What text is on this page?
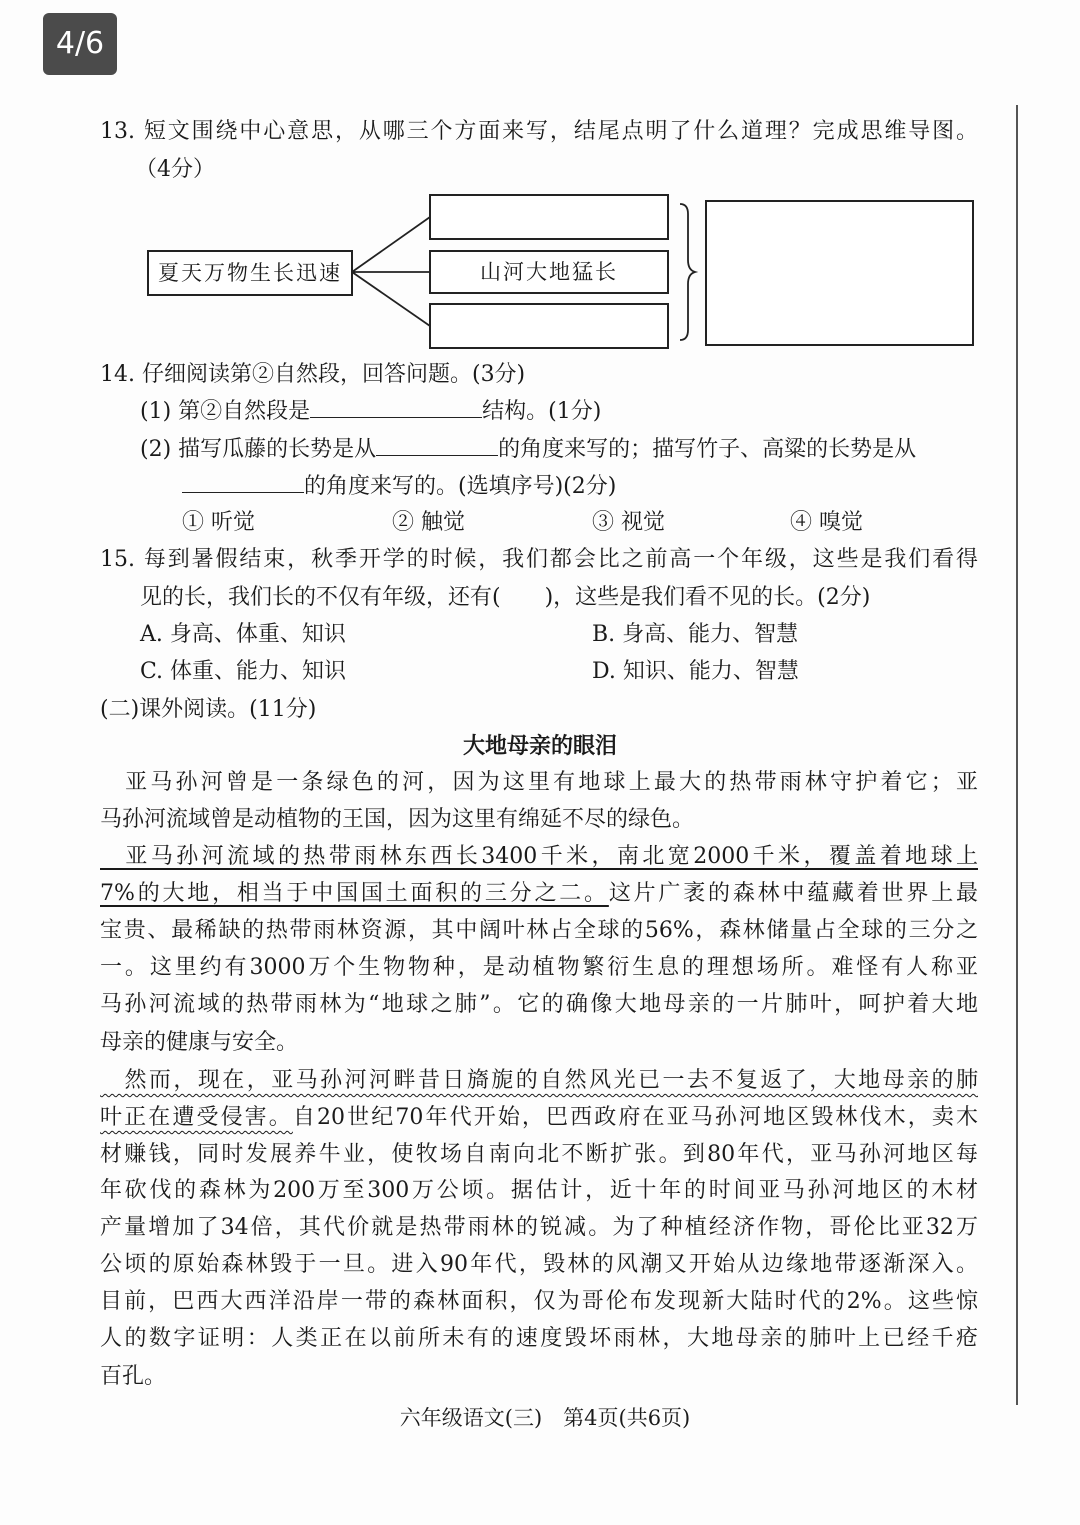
4/6
13. 短文围绕中心意思，从哪三个方面来写，结尾点明了什么道理？完成思维导图。
（4分）
夏天万物生长迅速	山河大地猛长
14. 仔细阅读第②自然段，回答问题。(3分)
(1) 第②自然段是	结构。(1分)
(2) 描写瓜藤的长势是从	的角度来写的；描写竹子、高粱的长势是从
的角度来写的。(选填序号)(2分)
① 听觉	② 触觉	③ 视觉	④ 嗅觉
15. 每到暑假结束，秋季开学的时候，我们都会比之前高一个年级，这些是我们看得
见的长，我们长的不仅有年级，还有(　　)，这些是我们看不见的长。(2分)
A. 身高、体重、知识	B. 身高、能力、智慧
C. 体重、能力、知识	D. 知识、能力、智慧
(二)课外阅读。(11分)
大地母亲的眼泪
　亚马孙河曾是一条绿色的河，因为这里有地球上最大的热带雨林守护着它；亚
马孙河流域曾是动植物的王国，因为这里有绵延不尽的绿色。
　亚马孙河流域的热带雨林东西长3400千米，南北宽2000千米，覆盖着地球上
7%的大地，相当于中国国土面积的三分之二。这片广袤的森林中蕴藏着世界上最
宝贵、最稀缺的热带雨林资源，其中阔叶林占全球的56%，森林储量占全球的三分之
一。这里约有3000万个生物物种，是动植物繁衍生息的理想场所。难怪有人称亚
马孙河流域的热带雨林为“地球之肺”。它的确像大地母亲的一片肺叶，呵护着大地
母亲的健康与安全。
　然而，现在，亚马孙河河畔昔日旖旎的自然风光已一去不复返了，大地母亲的肺
叶正在遭受侵害。自20世纪70年代开始，巴西政府在亚马孙河地区毁林伐木，卖木
材赚钱，同时发展养牛业，使牧场自南向北不断扩张。到80年代，亚马孙河地区每
年砍伐的森林为200万至300万公顷。据估计，近十年的时间亚马孙河地区的木材
产量增加了34倍，其代价就是热带雨林的锐减。为了种植经济作物，哥伦比亚32万
公顷的原始森林毁于一旦。进入90年代，毁林的风潮又开始从边缘地带逐渐深入。
目前，巴西大西洋沿岸一带的森林面积，仅为哥伦布发现新大陆时代的2%。这些惊
人的数字证明：人类正在以前所未有的速度毁坏雨林，大地母亲的肺叶上已经千疮
百孔。
六年级语文(三)　第4页(共6页)
